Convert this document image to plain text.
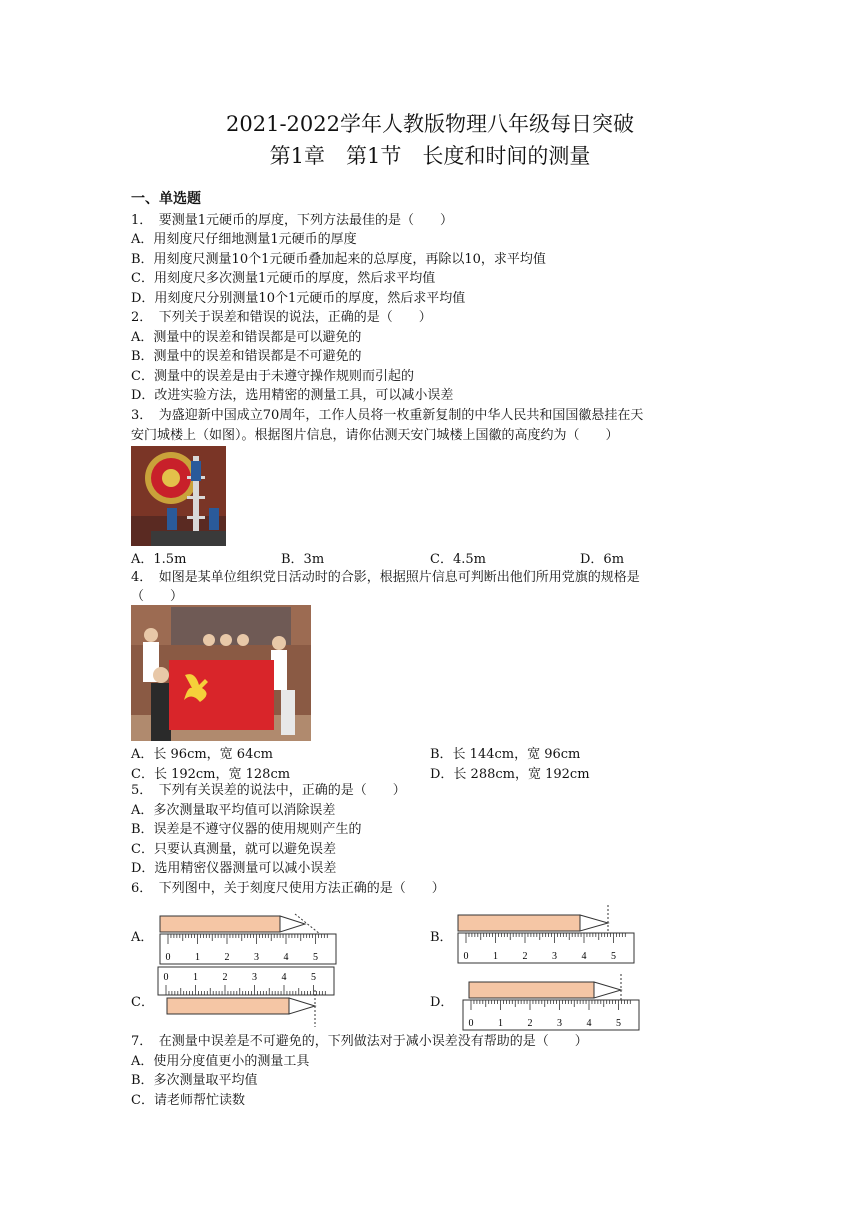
2021-2022学年人教版物理八年级每日突破
第1章　第1节　长度和时间的测量
一、单选题
1．　要测量1元硬币的厚度，下列方法最佳的是（　　）
A．用刻度尺仔细地测量1元硬币的厚度
B．用刻度尺测量10个1元硬币叠加起来的总厚度，再除以10，求平均值
C．用刻度尺多次测量1元硬币的厚度，然后求平均值
D．用刻度尺分别测量10个1元硬币的厚度，然后求平均值
2．　下列关于误差和错误的说法，正确的是（　　）
A．测量中的误差和错误都是可以避免的
B．测量中的误差和错误都是不可避免的
C．测量中的误差是由于未遵守操作规则而引起的
D．改进实验方法，选用精密的测量工具，可以减小误差
3．　为盛迎新中国成立70周年，工作人员将一枚重新复制的中华人民共和国国徽悬挂在天
安门城楼上（如图）。根据图片信息，请你估测天安门城楼上国徽的高度约为（　　）
A．1.5m	B．3m	C．4.5m	D．6m
4．　如图是某单位组织党日活动时的合影，根据照片信息可判断出他们所用党旗的规格是
（　　）
A．长 96cm，宽 64cm	B．长 144cm，宽 96cm
C．长 192cm，宽 128cm	D．长 288cm，宽 192cm
5．　下列有关误差的说法中，正确的是（　　）
A．多次测量取平均值可以消除误差
B．误差是不遵守仪器的使用规则产生的
C．只要认真测量，就可以避免误差
D．选用精密仪器测量可以减小误差
6．　下列图中，关于刻度尺使用方法正确的是（　　）
A．	B．
C．	D．
0 1 2 3 4 5	0 1 2 3 4 5
0 1 2 3 4 5
0 1 2 3 4 5
7．　在测量中误差是不可避免的，下列做法对于减小误差没有帮助的是（　　）
A．使用分度值更小的测量工具
B．多次测量取平均值
C．请老师帮忙读数
